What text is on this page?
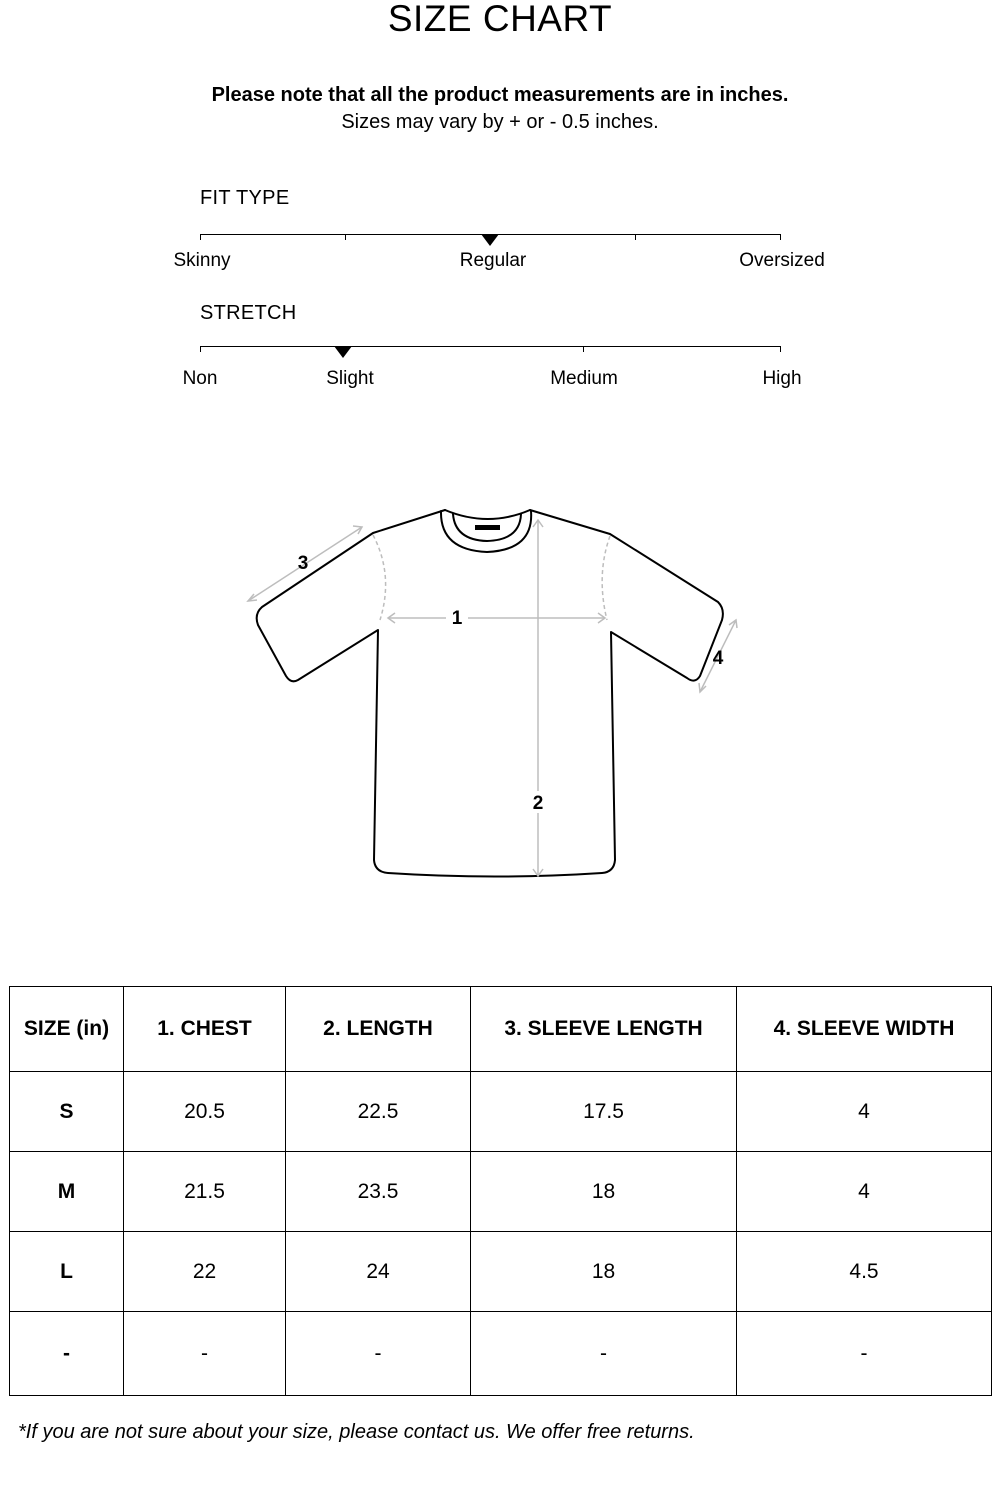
SIZE CHART
Please note that all the product measurements are in inches.
Sizes may vary by + or - 0.5 inches.
FIT TYPE
Skinny	Regular	Oversized
STRETCH
Non	Slight	Medium	High
1
2
3
4
SIZE (in)	1. CHEST	2. LENGTH	3. SLEEVE LENGTH	4. SLEEVE WIDTH
S	20.5	22.5	17.5	4
M	21.5	23.5	18	4
L	22	24	18	4.5
-	-	-	-	-
*If you are not sure about your size, please contact us. We offer free returns.
